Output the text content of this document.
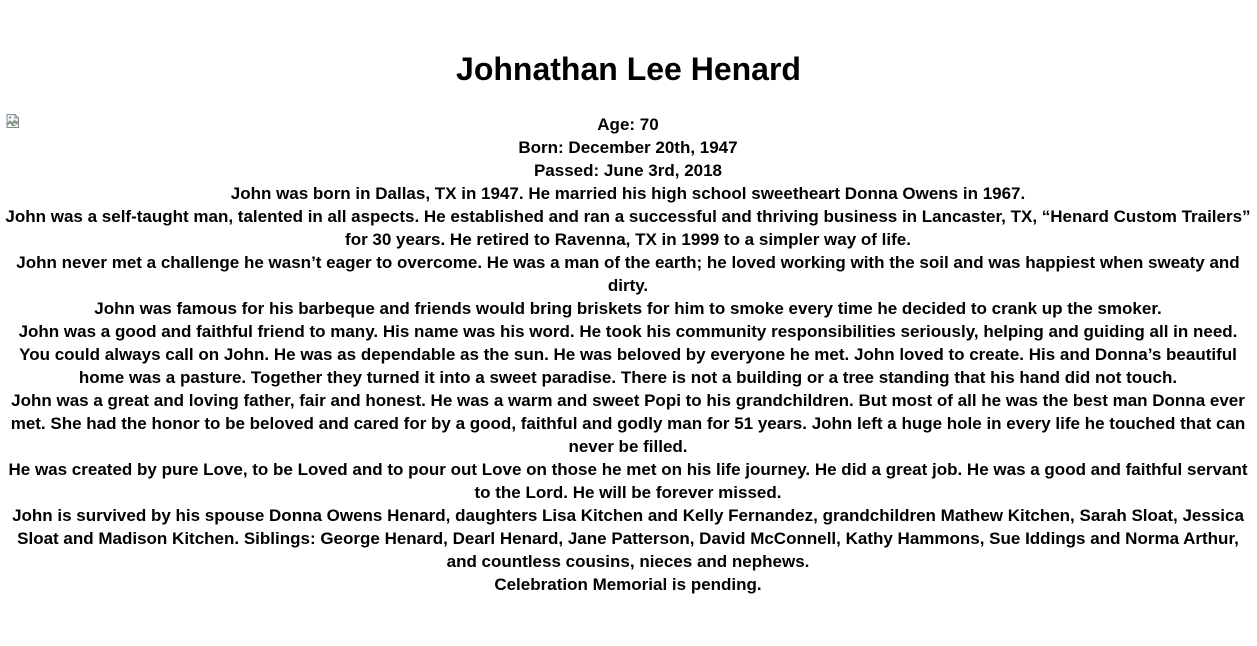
Johnathan Lee Henard

Age: 70

Born: December 20th, 1947

Passed: June 3rd, 2018

John was born in Dallas, TX in 1947. He married his high school sweetheart Donna Owens in 1967.

John was a self-taught man, talented in all aspects. He established and ran a successful and thriving business in Lancaster, TX, “Henard Custom Trailers” for 30 years. He retired to Ravenna, TX in 1999 to a simpler way of life.

John never met a challenge he wasn’t eager to overcome. He was a man of the earth; he loved working with the soil and was happiest when sweaty and dirty.

John was famous for his barbeque and friends would bring briskets for him to smoke every time he decided to crank up the smoker.

John was a good and faithful friend to many. His name was his word. He took his community responsibilities seriously, helping and guiding all in need. You could always call on John. He was as dependable as the sun. He was beloved by everyone he met. John loved to create. His and Donna’s beautiful home was a pasture. Together they turned it into a sweet paradise. There is not a building or a tree standing that his hand did not touch.

John was a great and loving father, fair and honest. He was a warm and sweet Popi to his grandchildren. But most of all he was the best man Donna ever met. She had the honor to be beloved and cared for by a good, faithful and godly man for 51 years. John left a huge hole in every life he touched that can never be filled.

He was created by pure Love, to be Loved and to pour out Love on those he met on his life journey. He did a great job. He was a good and faithful servant to the Lord. He will be forever missed.

John is survived by his spouse Donna Owens Henard, daughters Lisa Kitchen and Kelly Fernandez, grandchildren Mathew Kitchen, Sarah Sloat, Jessica Sloat and Madison Kitchen. Siblings: George Henard, Dearl Henard, Jane Patterson, David McConnell, Kathy Hammons, Sue Iddings and Norma Arthur, and countless cousins, nieces and nephews.

Celebration Memorial is pending.
